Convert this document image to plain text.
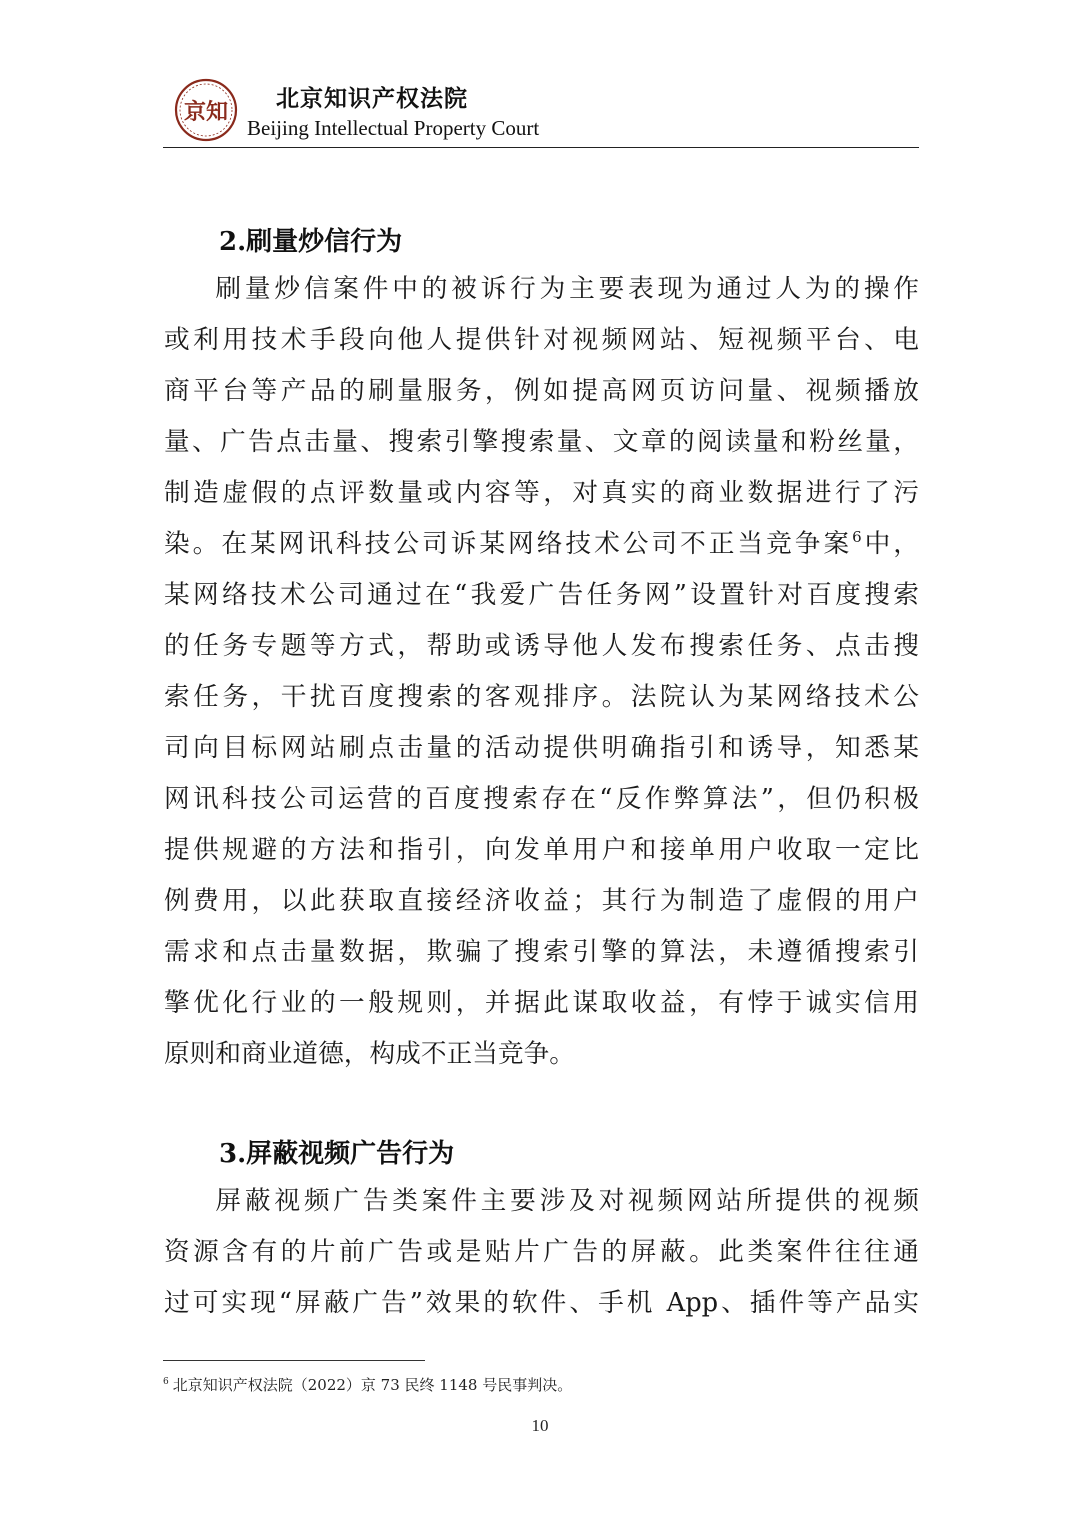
京知 北京知识产权法院
Beijing Intellectual Property Court
2.刷量炒信行为
刷量炒信案件中的被诉行为主要表现为通过人为的操作
或利用技术手段向他人提供针对视频网站、短视频平台、电
商平台等产品的刷量服务，例如提高网页访问量、视频播放
量、广告点击量、搜索引擎搜索量、文章的阅读量和粉丝量，
制造虚假的点评数量或内容等，对真实的商业数据进行了污
染。在某网讯科技公司诉某网络技术公司不正当竞争案$^6$中，
某网络技术公司通过在“我爱广告任务网”设置针对百度搜索
的任务专题等方式，帮助或诱导他人发布搜索任务、点击搜
索任务，干扰百度搜索的客观排序。法院认为某网络技术公
司向目标网站刷点击量的活动提供明确指引和诱导，知悉某
网讯科技公司运营的百度搜索存在“反作弊算法”，但仍积极
提供规避的方法和指引，向发单用户和接单用户收取一定比
例费用，以此获取直接经济收益；其行为制造了虚假的用户
需求和点击量数据，欺骗了搜索引擎的算法，未遵循搜索引
擎优化行业的一般规则，并据此谋取收益，有悖于诚实信用
原则和商业道德，构成不正当竞争。
3.屏蔽视频广告行为
屏蔽视频广告类案件主要涉及对视频网站所提供的视频
资源含有的片前广告或是贴片广告的屏蔽。此类案件往往通
过可实现“屏蔽广告”效果的软件、手机 App、插件等产品实
$^6$ 北京知识产权法院（2022）京 73 民终 1148 号民事判决。
10
